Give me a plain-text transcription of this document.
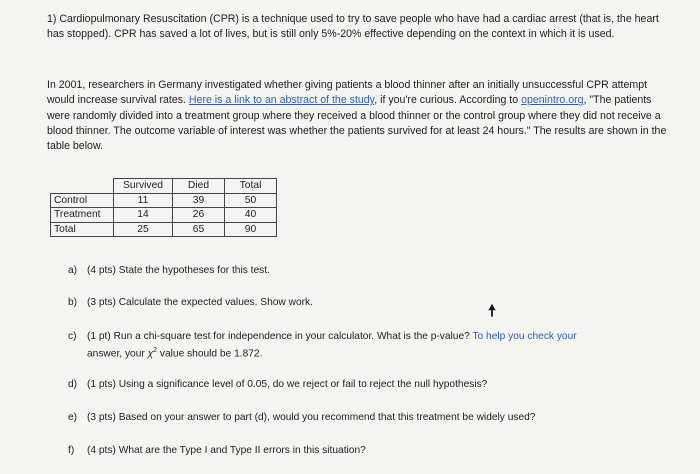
1) Cardiopulmonary Resuscitation (CPR) is a technique used to try to save people who have had a cardiac arrest (that is, the heart has stopped). CPR has saved a lot of lives, but is still only 5%-20% effective depending on the context in which it is used.
In 2001, researchers in Germany investigated whether giving patients a blood thinner after an initially unsuccessful CPR attempt would increase survival rates. Here is a link to an abstract of the study, if you're curious. According to openintro.org, "The patients were randomly divided into a treatment group where they received a blood thinner or the control group where they did not receive a blood thinner. The outcome variable of interest was whether the patients survived for at least 24 hours." The results are shown in the table below.
	Survived	Died	Total
Control	11	39	50
Treatment	14	26	40
Total	25	65	90
a) (4 pts) State the hypotheses for this test.
b) (3 pts) Calculate the expected values. Show work.
c) (1 pt) Run a chi-square test for independence in your calculator. What is the p-value? To help you check your
answer, your $\chi^2$ value should be 1.872.
d) (1 pts) Using a significance level of 0.05, do we reject or fail to reject the null hypothesis?
e) (3 pts) Based on your answer to part (d), would you recommend that this treatment be widely used?
f) (4 pts) What are the Type I and Type II errors in this situation?
